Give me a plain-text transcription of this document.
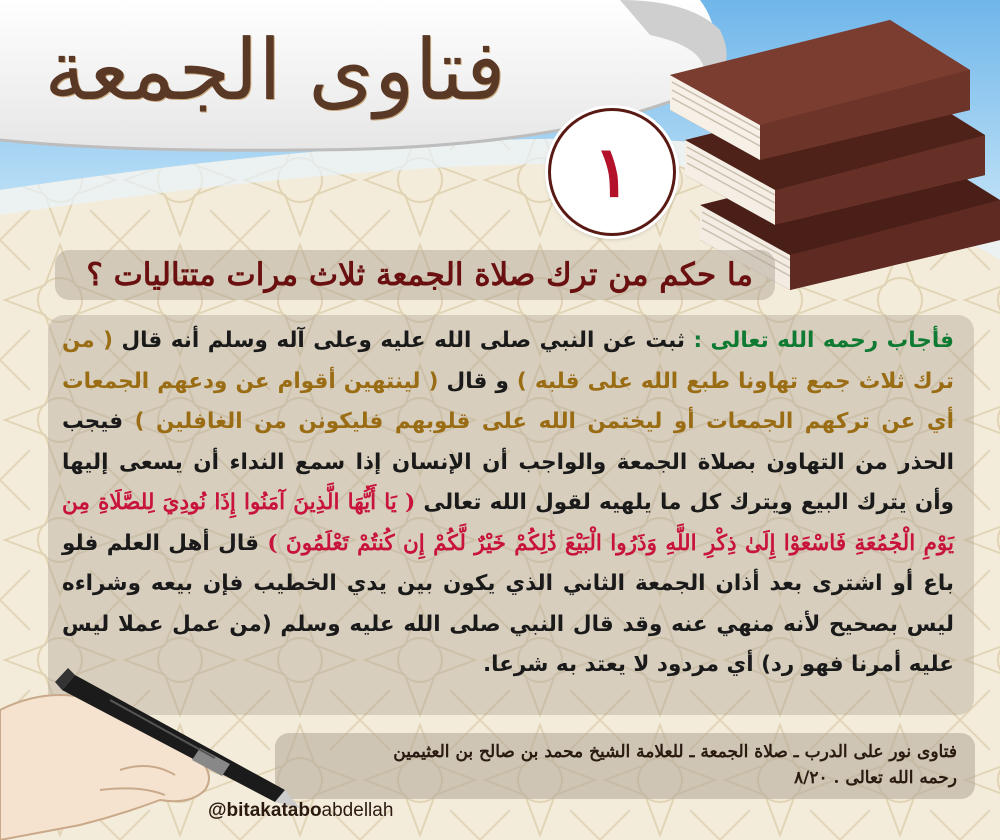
فتاوى الجمعة
١
ما حكم من ترك صلاة الجمعة ثلاث مرات متتاليات ؟

فأجاب رحمه الله تعالى : ثبت عن النبي صلى الله عليه وعلى آله وسلم أنه قال ( من ترك ثلاث جمع تهاونا طبع الله على قلبه ) و قال ( لينتهين أقوام عن ودعهم الجمعات أي عن تركهم الجمعات أو ليختمن الله على قلوبهم فليكونن من الغافلين ) فيجب الحذر من التهاون بصلاة الجمعة والواجب أن الإنسان إذا سمع النداء أن يسعى إليها وأن يترك البيع ويترك كل ما يلهيه لقول الله تعالى ( يَا أَيُّهَا الَّذِينَ آمَنُوا إِذَا نُودِيَ لِلصَّلَاةِ مِن يَوْمِ الْجُمُعَةِ فَاسْعَوْا إِلَىٰ ذِكْرِ اللَّهِ وَذَرُوا الْبَيْعَ ذَٰلِكُمْ خَيْرٌ لَّكُمْ إِن كُنتُمْ تَعْلَمُونَ ) قال أهل العلم فلو باع أو اشترى بعد أذان الجمعة الثاني الذي يكون بين يدي الخطيب فإن بيعه وشراءه ليس بصحيح لأنه منهي عنه وقد قال النبي صلى الله عليه وسلم (من عمل عملا ليس عليه أمرنا فهو رد) أي مردود لا يعتد به شرعا.

فتاوى نور على الدرب ـ صلاة الجمعة ـ للعلامة الشيخ محمد بن صالح بن العثيمين
رحمه الله تعالى . ٨/٢٠
@bitakataboabdellah
